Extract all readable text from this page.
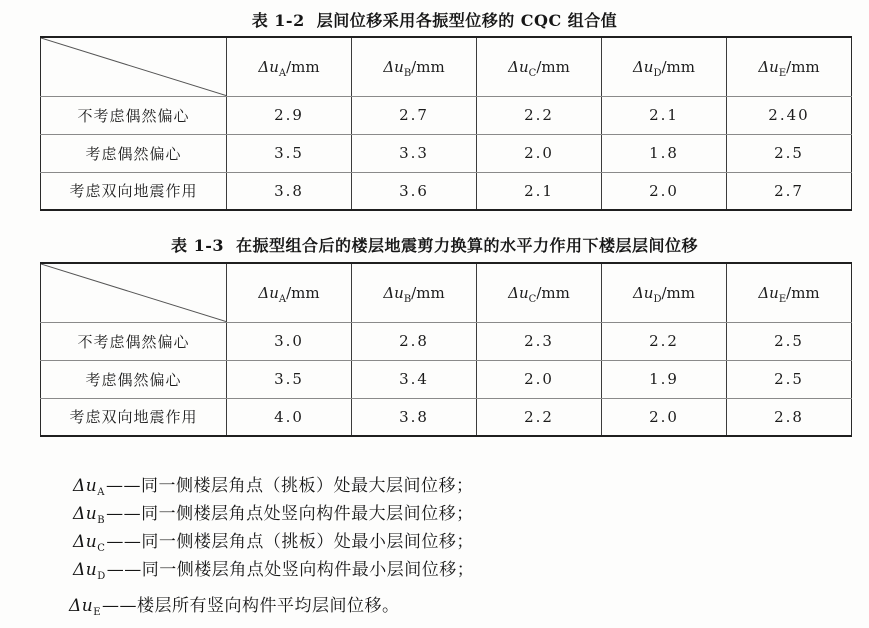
表 1-2 层间位移采用各振型位移的 CQC 组合值
	$\Delta u_A/mm$	$\Delta u_B/mm$	$\Delta u_C/mm$	$\Delta u_D/mm$	$\Delta u_E/mm$
不考虑偶然偏心	2.9	2.7	2.2	2.1	2.40
考虑偶然偏心	3.5	3.3	2.0	1.8	2.5
考虑双向地震作用	3.8	3.6	2.1	2.0	2.7
表 1-3 在振型组合后的楼层地震剪力换算的水平力作用下楼层层间位移
	$\Delta u_A/mm$	$\Delta u_B/mm$	$\Delta u_C/mm$	$\Delta u_D/mm$	$\Delta u_E/mm$
不考虑偶然偏心	3.0	2.8	2.3	2.2	2.5
考虑偶然偏心	3.5	3.4	2.0	1.9	2.5
考虑双向地震作用	4.0	3.8	2.2	2.0	2.8
$\Delta u_A——$同一侧楼层角点（挑板）处最大层间位移；
$\Delta u_B——$同一侧楼层角点处竖向构件最大层间位移；
$\Delta u_C——$同一侧楼层角点（挑板）处最小层间位移；
$\Delta u_D——$同一侧楼层角点处竖向构件最小层间位移；
$\Delta u_E——$楼层所有竖向构件平均层间位移。
